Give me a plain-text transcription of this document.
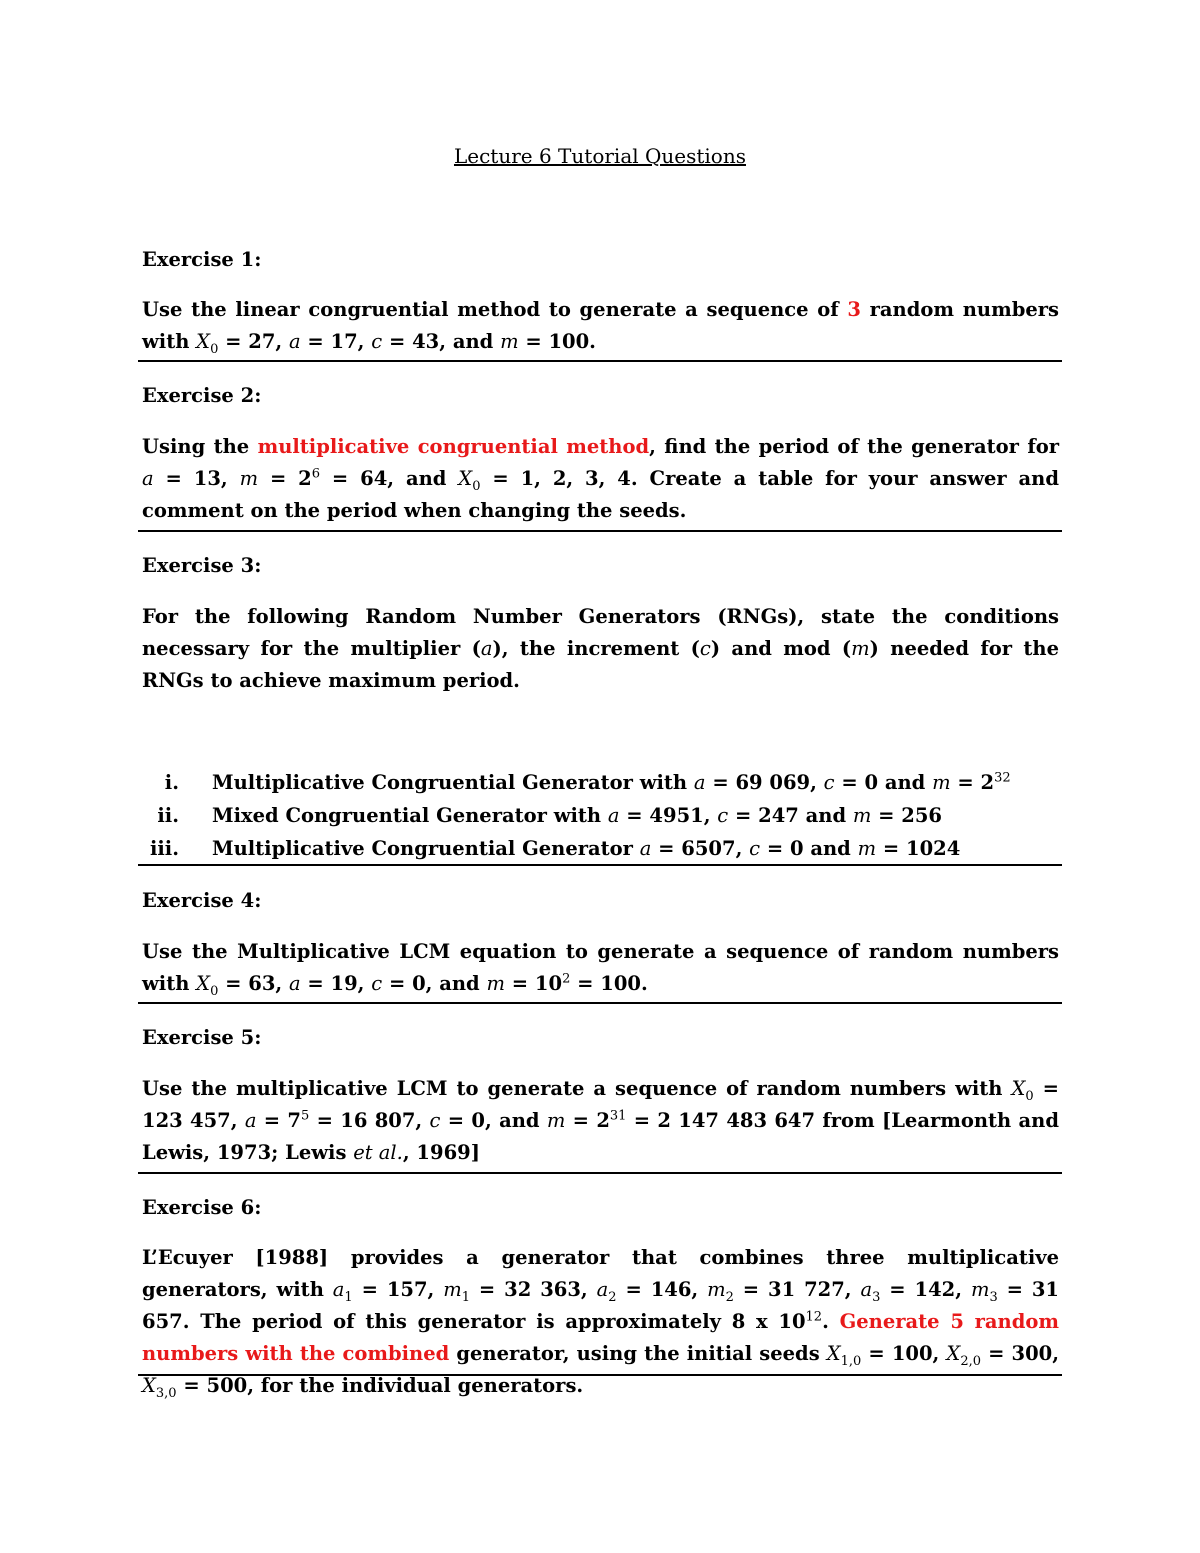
Lecture 6 Tutorial Questions
Exercise 1:
Use the linear congruential method to generate a sequence of 3 random numbers with $X_0 = 27$, a = 17, c = 43, and m = 100.
Exercise 2:
Using the multiplicative congruential method, find the period of the generator for a = 13, $m = 2^6 = 64$, and $X_0 = 1$, 2, 3, 4. Create a table for your answer and comment on the period when changing the seeds.
Exercise 3:
For the following Random Number Generators (RNGs), state the conditions necessary for the multiplier (a), the increment (c) and mod (m) needed for the RNGs to achieve maximum period.
i. Multiplicative Congruential Generator with a = 69 069, c = 0 and $m = 2^{32}$
ii. Mixed Congruential Generator with a = 4951, c = 247 and m = 256
iii. Multiplicative Congruential Generator a = 6507, c = 0 and m = 1024
Exercise 4:
Use the Multiplicative LCM equation to generate a sequence of random numbers with $X_0 = 63$, a = 19, c = 0, and $m = 10^2 = 100$.
Exercise 5:
Use the multiplicative LCM to generate a sequence of random numbers with $X_0 = 123$ 457, $a = 7^5 = 16$ 807, c = 0, and $m = 2^{31} = 2$ 147 483 647 from [Learmonth and Lewis, 1973; Lewis et al., 1969]
Exercise 6:
L’Ecuyer [1988] provides a generator that combines three multiplicative generators, with $a_1 = 157$, $m_1 = 32$ 363, $a_2 = 146$, $m_2 = 31$ 727, $a_3 = 142$, $m_3 = 31$ 657. The period of this generator is approximately 8 x $10^{12}$. Generate 5 random numbers with the combined generator, using the initial seeds $X_{1,0} = 100$, $X_{2,0} = 300$, $X_{3,0} = 500$, for the individual generators.
